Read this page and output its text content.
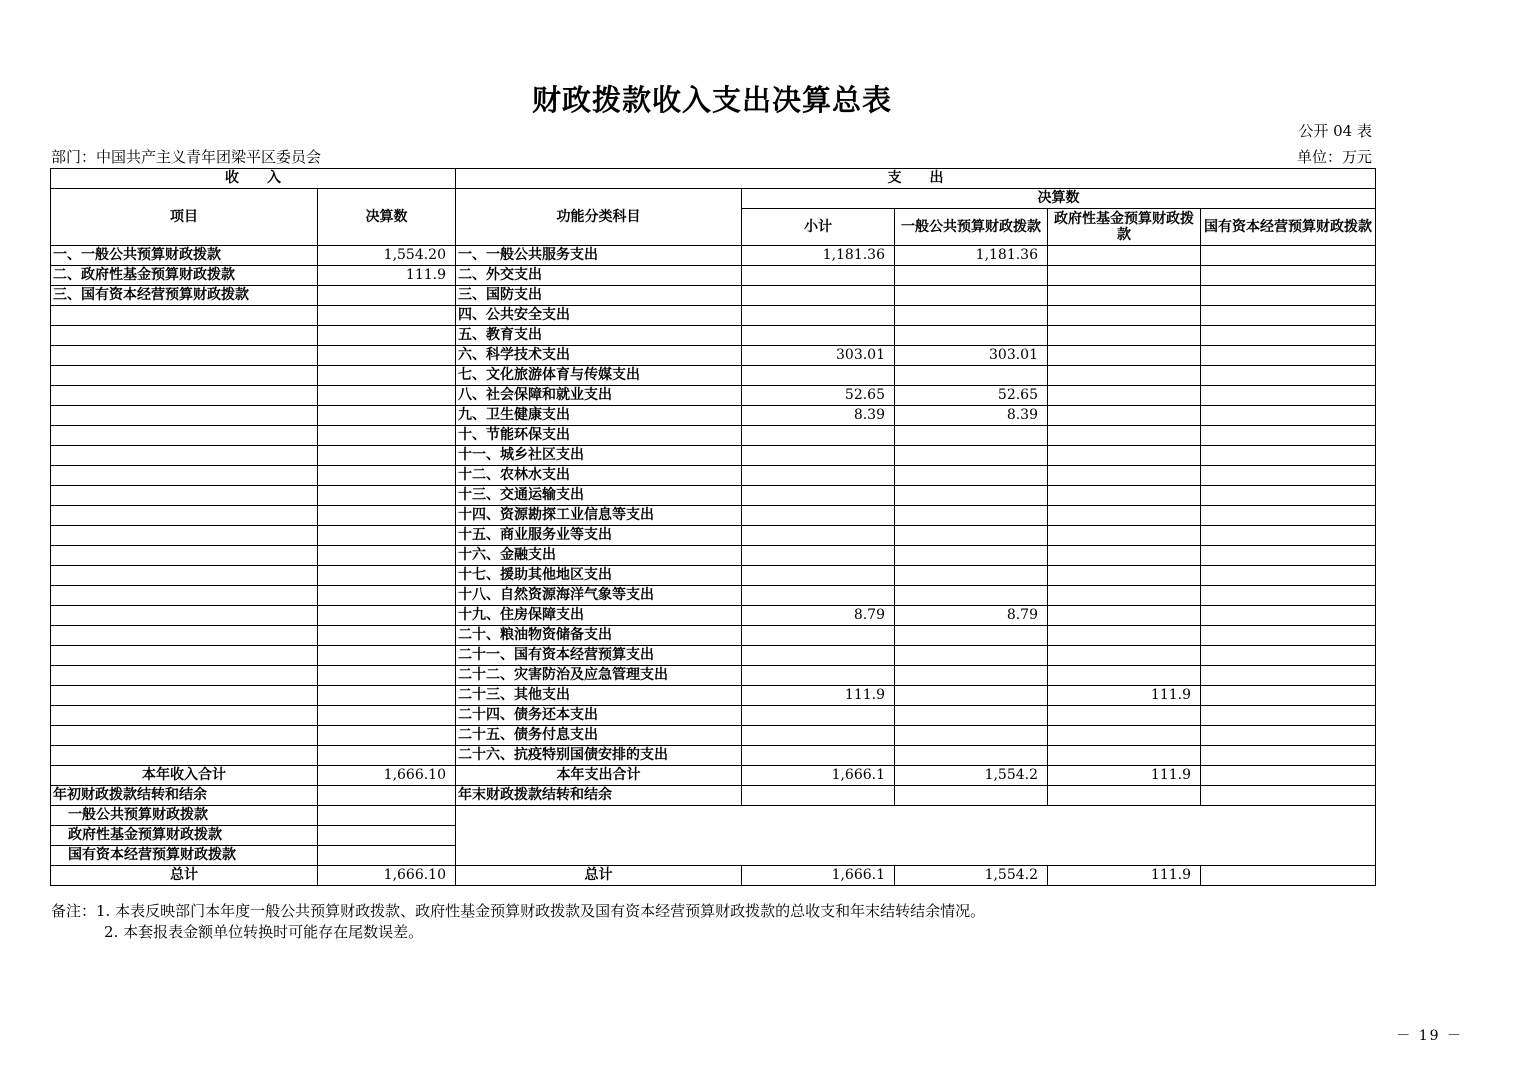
财政拨款收入支出决算总表
公开 04 表
部门：中国共产主义青年团梁平区委员会	单位：万元
收　　入		支　　出				
项目	决算数	功能分类科目	决算数			
			小计	一般公共预算财政拨款	政府性基金预算财政拨款	国有资本经营预算财政拨款
一、一般公共预算财政拨款	1,554.20	一、一般公共服务支出	1,181.36	1,181.36		
二、政府性基金预算财政拨款	111.9	二、外交支出				
三、国有资本经营预算财政拨款		三、国防支出				
		四、公共安全支出				
		五、教育支出				
		六、科学技术支出	303.01	303.01		
		七、文化旅游体育与传媒支出				
		八、社会保障和就业支出	52.65	52.65		
		九、卫生健康支出	8.39	8.39		
		十、节能环保支出				
		十一、城乡社区支出				
		十二、农林水支出				
		十三、交通运输支出				
		十四、资源勘探工业信息等支出				
		十五、商业服务业等支出				
		十六、金融支出				
		十七、援助其他地区支出				
		十八、自然资源海洋气象等支出				
		十九、住房保障支出	8.79	8.79		
		二十、粮油物资储备支出				
		二十一、国有资本经营预算支出				
		二十二、灾害防治及应急管理支出				
		二十三、其他支出	111.9		111.9	
		二十四、债务还本支出				
		二十五、债务付息支出				
		二十六、抗疫特别国债安排的支出				
本年收入合计	1,666.10	本年支出合计	1,666.1	1,554.2	111.9	
年初财政拨款结转和结余		年末财政拨款结转和结余				
一般公共预算财政拨款						
政府性基金预算财政拨款						
国有资本经营预算财政拨款						
总计	1,666.10	总计	1,666.1	1,554.2	111.9	
备注：1. 本表反映部门本年度一般公共预算财政拨款、政府性基金预算财政拨款及国有资本经营预算财政拨款的总收支和年末结转结余情况。
2. 本套报表金额单位转换时可能存在尾数误差。
－ 19 －
